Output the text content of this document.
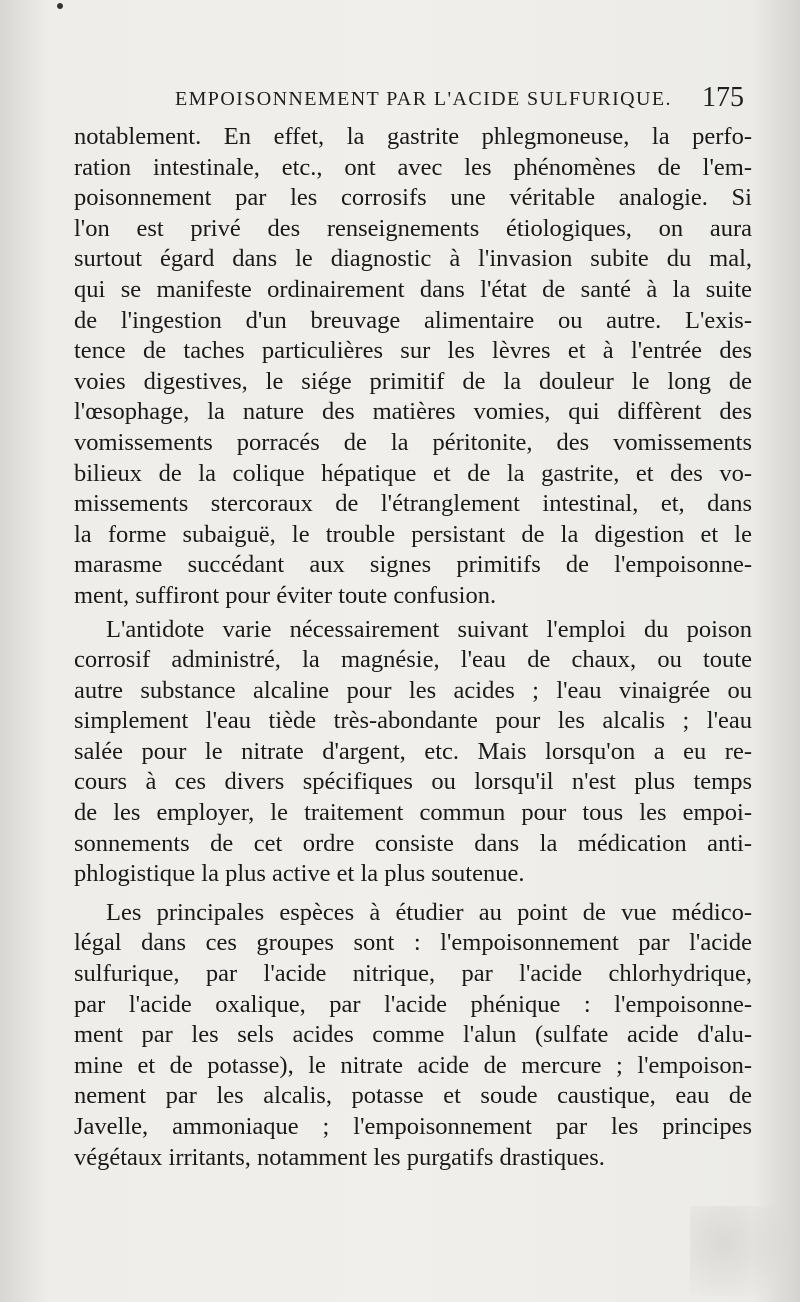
EMPOISONNEMENT PAR L'ACIDE SULFURIQUE. 175

notablement. En effet, la gastrite phlegmoneuse, la perfo-
ration intestinale, etc., ont avec les phénomènes de l'em-
poisonnement par les corrosifs une véritable analogie. Si
l'on est privé des renseignements étiologiques, on aura
surtout égard dans le diagnostic à l'invasion subite du mal,
qui se manifeste ordinairement dans l'état de santé à la suite
de l'ingestion d'un breuvage alimentaire ou autre. L'exis-
tence de taches particulières sur les lèvres et à l'entrée des
voies digestives, le siége primitif de la douleur le long de
l'œsophage, la nature des matières vomies, qui diffèrent des
vomissements porracés de la péritonite, des vomissements
bilieux de la colique hépatique et de la gastrite, et des vo-
missements stercoraux de l'étranglement intestinal, et, dans
la forme subaiguë, le trouble persistant de la digestion et le
marasme succédant aux signes primitifs de l'empoisonne-
ment, suffiront pour éviter toute confusion.

L'antidote varie nécessairement suivant l'emploi du poison
corrosif administré, la magnésie, l'eau de chaux, ou toute
autre substance alcaline pour les acides ; l'eau vinaigrée ou
simplement l'eau tiède très-abondante pour les alcalis ; l'eau
salée pour le nitrate d'argent, etc. Mais lorsqu'on a eu re-
cours à ces divers spécifiques ou lorsqu'il n'est plus temps
de les employer, le traitement commun pour tous les empoi-
sonnements de cet ordre consiste dans la médication anti-
phlogistique la plus active et la plus soutenue.

Les principales espèces à étudier au point de vue médico-
légal dans ces groupes sont : l'empoisonnement par l'acide
sulfurique, par l'acide nitrique, par l'acide chlorhydrique,
par l'acide oxalique, par l'acide phénique : l'empoisonne-
ment par les sels acides comme l'alun (sulfate acide d'alu-
mine et de potasse), le nitrate acide de mercure ; l'empoison-
nement par les alcalis, potasse et soude caustique, eau de
Javelle, ammoniaque ; l'empoisonnement par les principes
végétaux irritants, notamment les purgatifs drastiques.
